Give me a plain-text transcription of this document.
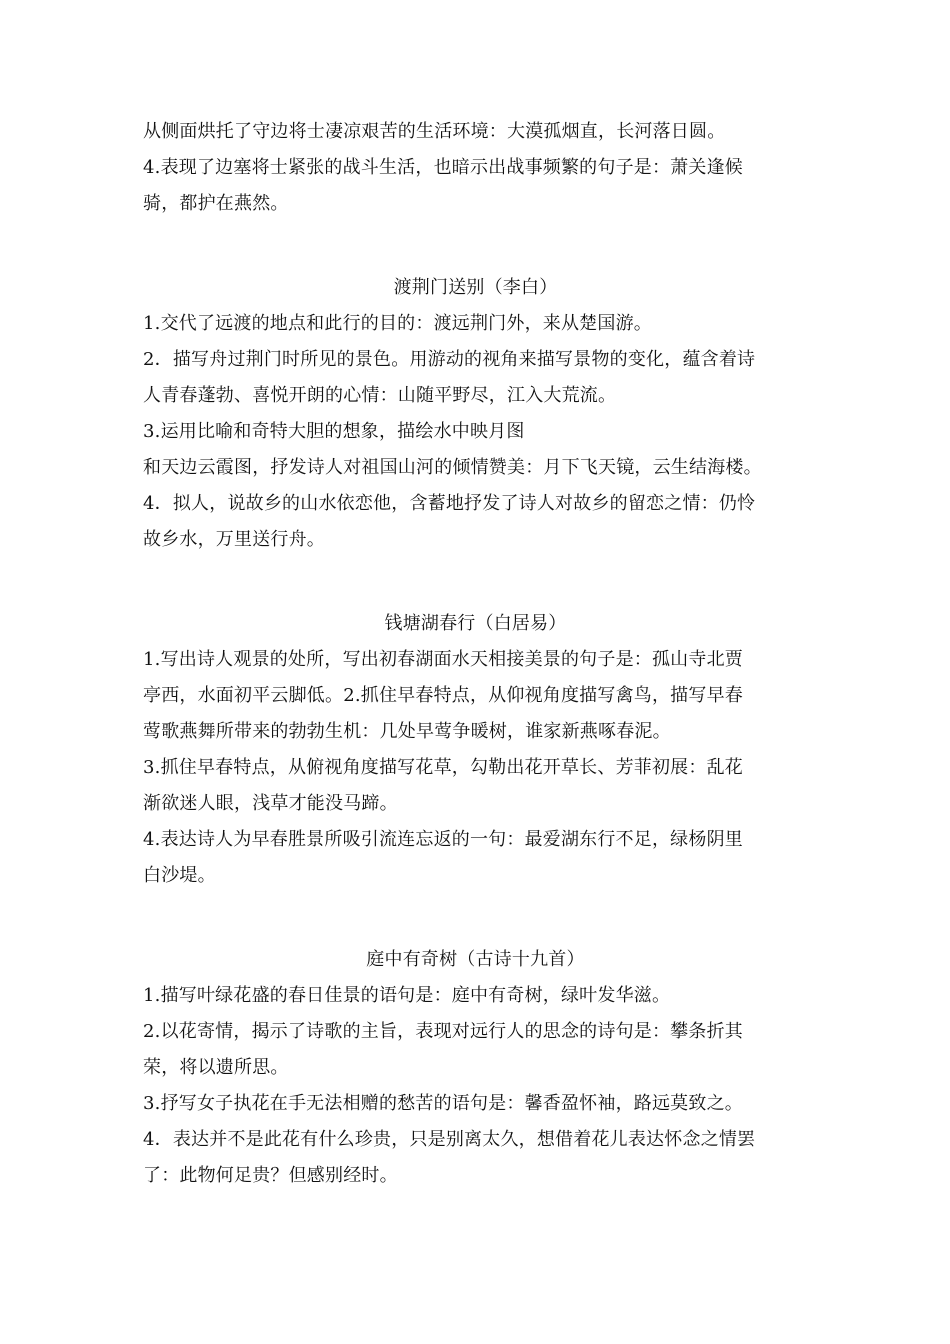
从侧面烘托了守边将士凄凉艰苦的生活环境：大漠孤烟直，长河落日圆。

4.表现了边塞将士紧张的战斗生活，也暗示出战事频繁的句子是：萧关逢候

骑，都护在燕然。

渡荆门送别（李白）

1.交代了远渡的地点和此行的目的：渡远荆门外，来从楚国游。

2．描写舟过荆门时所见的景色。用游动的视角来描写景物的变化，蕴含着诗

人青春蓬勃、喜悦开朗的心情：山随平野尽，江入大荒流。

3.运用比喻和奇特大胆的想象，描绘水中映月图

和天边云霞图，抒发诗人对祖国山河的倾情赞美：月下飞天镜，云生结海楼。

4．拟人，说故乡的山水依恋他，含蓄地抒发了诗人对故乡的留恋之情：仍怜

故乡水，万里送行舟。

钱塘湖春行（白居易）

1.写出诗人观景的处所，写出初春湖面水天相接美景的句子是：孤山寺北贾

亭西，水面初平云脚低。2.抓住早春特点，从仰视角度描写禽鸟，描写早春

莺歌燕舞所带来的勃勃生机：几处早莺争暖树，谁家新燕啄春泥。

3.抓住早春特点，从俯视角度描写花草，勾勒出花开草长、芳菲初展：乱花

渐欲迷人眼，浅草才能没马蹄。

4.表达诗人为早春胜景所吸引流连忘返的一句：最爱湖东行不足，绿杨阴里

白沙堤。

庭中有奇树（古诗十九首）

1.描写叶绿花盛的春日佳景的语句是：庭中有奇树，绿叶发华滋。

2.以花寄情，揭示了诗歌的主旨，表现对远行人的思念的诗句是：攀条折其

荣，将以遗所思。

3.抒写女子执花在手无法相赠的愁苦的语句是：馨香盈怀袖，路远莫致之。

4．表达并不是此花有什么珍贵，只是别离太久，想借着花儿表达怀念之情罢

了：此物何足贵？但感别经时。
